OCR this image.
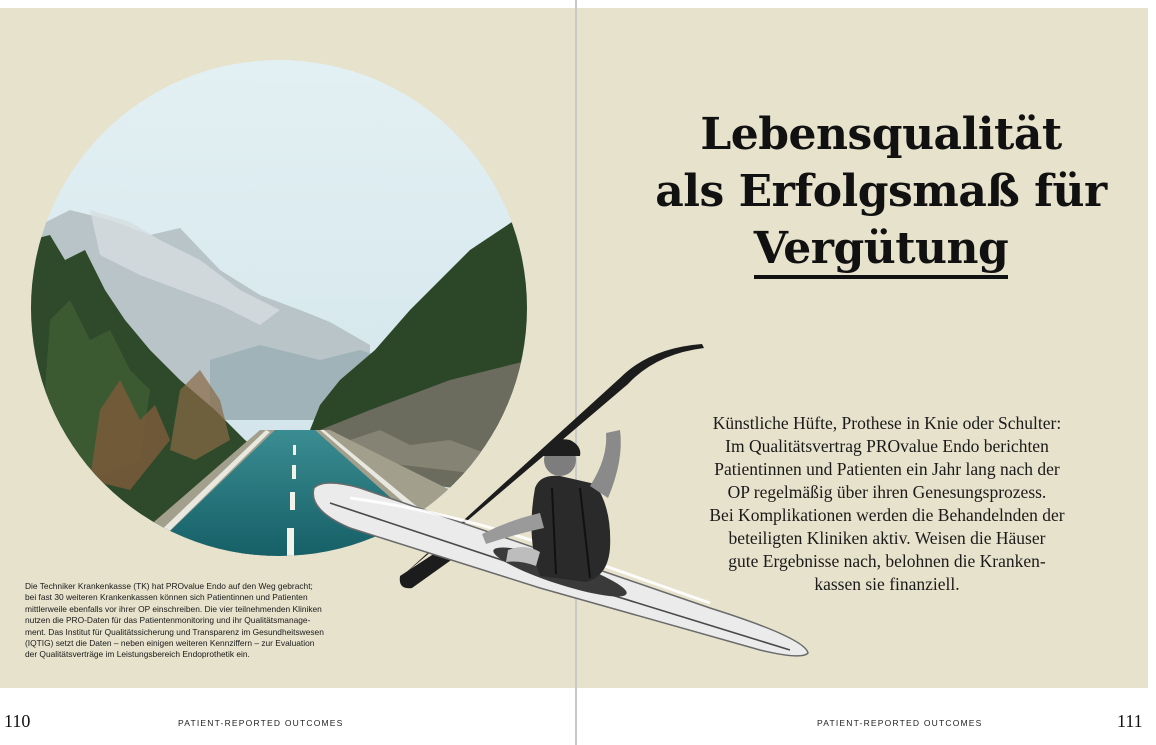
Die Techniker Krankenkasse (TK) hat PROvalue Endo auf den Weg gebracht;
bei fast 30 weiteren Krankenkassen können sich Patientinnen und Patienten
mittlerweile ebenfalls vor ihrer OP einschreiben. Die vier teilnehmenden Kliniken
nutzen die PRO-Daten für das Patientenmonitoring und ihr Qualitätsmanage-
ment. Das Institut für Qualitätssicherung und Transparenz im Gesundheitswesen
(IQTIG) setzt die Daten – neben einigen weiteren Kennziffern – zur Evaluation
der Qualitätsverträge im Leistungsbereich Endoprothetik ein.

110	PATIENT-REPORTED OUTCOMES
Lebensqualität
als Erfolgsmaß für
Vergütung

Künstliche Hüfte, Prothese in Knie oder Schulter:
Im Qualitätsvertrag PROvalue Endo berichten
Patientinnen und Patienten ein Jahr lang nach der
OP regelmäßig über ihren Genesungsprozess.
Bei Komplikationen werden die Behandelnden der
beteiligten Kliniken aktiv. Weisen die Häuser
gute Ergebnisse nach, belohnen die Kranken-
kassen sie finanziell.

111
PATIENT-REPORTED OUTCOMES
